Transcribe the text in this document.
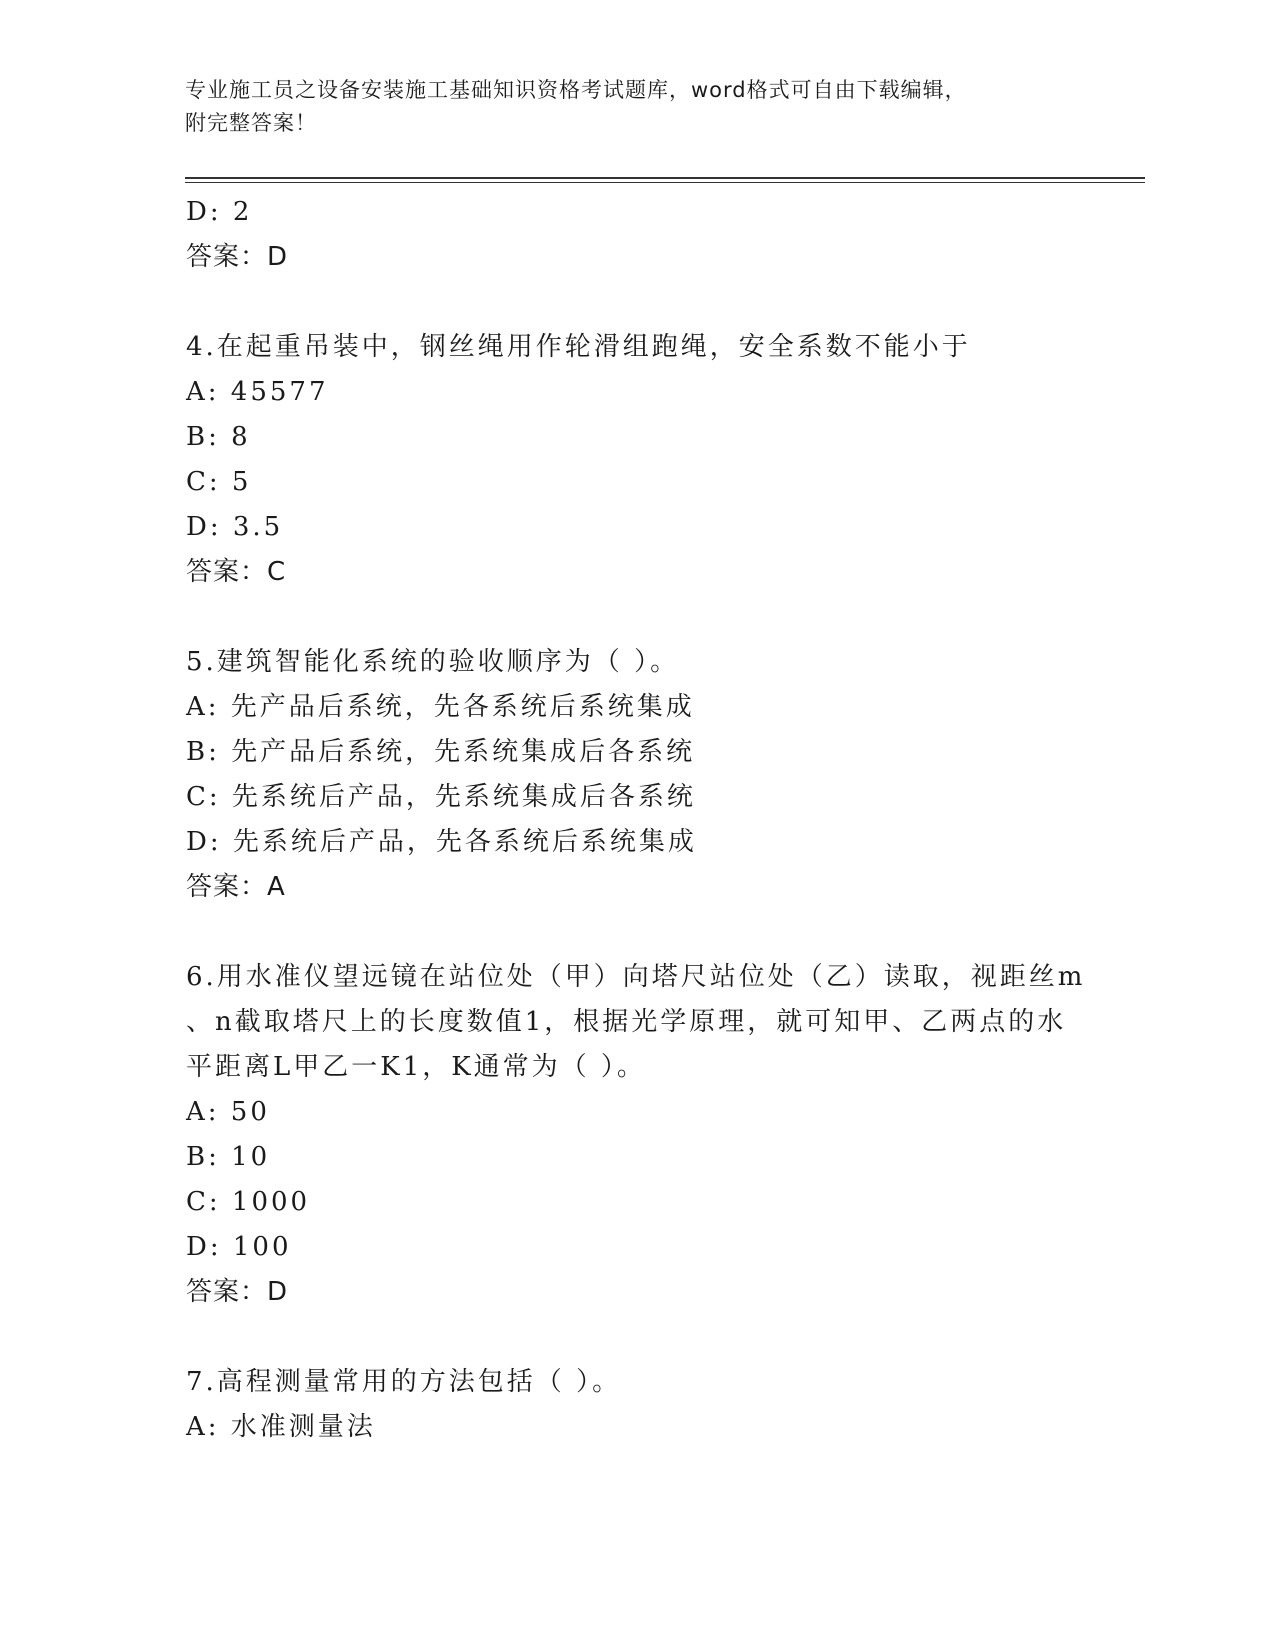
专业施工员之设备安装施工基础知识资格考试题库，word格式可自由下载编辑，
附完整答案！
D: 2
答案：D
4.在起重吊装中，钢丝绳用作轮滑组跑绳，安全系数不能小于
A: 45577
B: 8
C: 5
D: 3.5
答案：C
5.建筑智能化系统的验收顺序为（ ）。
A: 先产品后系统，先各系统后系统集成
B: 先产品后系统，先系统集成后各系统
C: 先系统后产品，先系统集成后各系统
D: 先系统后产品，先各系统后系统集成
答案：A
6.用水准仪望远镜在站位处（甲）向塔尺站位处（乙）读取，视距丝m
、n截取塔尺上的长度数值1，根据光学原理，就可知甲、乙两点的水
平距离L甲乙一K1，K通常为（ ）。
A: 50
B: 10
C: 1000
D: 100
答案：D
7.高程测量常用的方法包括（ ）。
A: 水准测量法
